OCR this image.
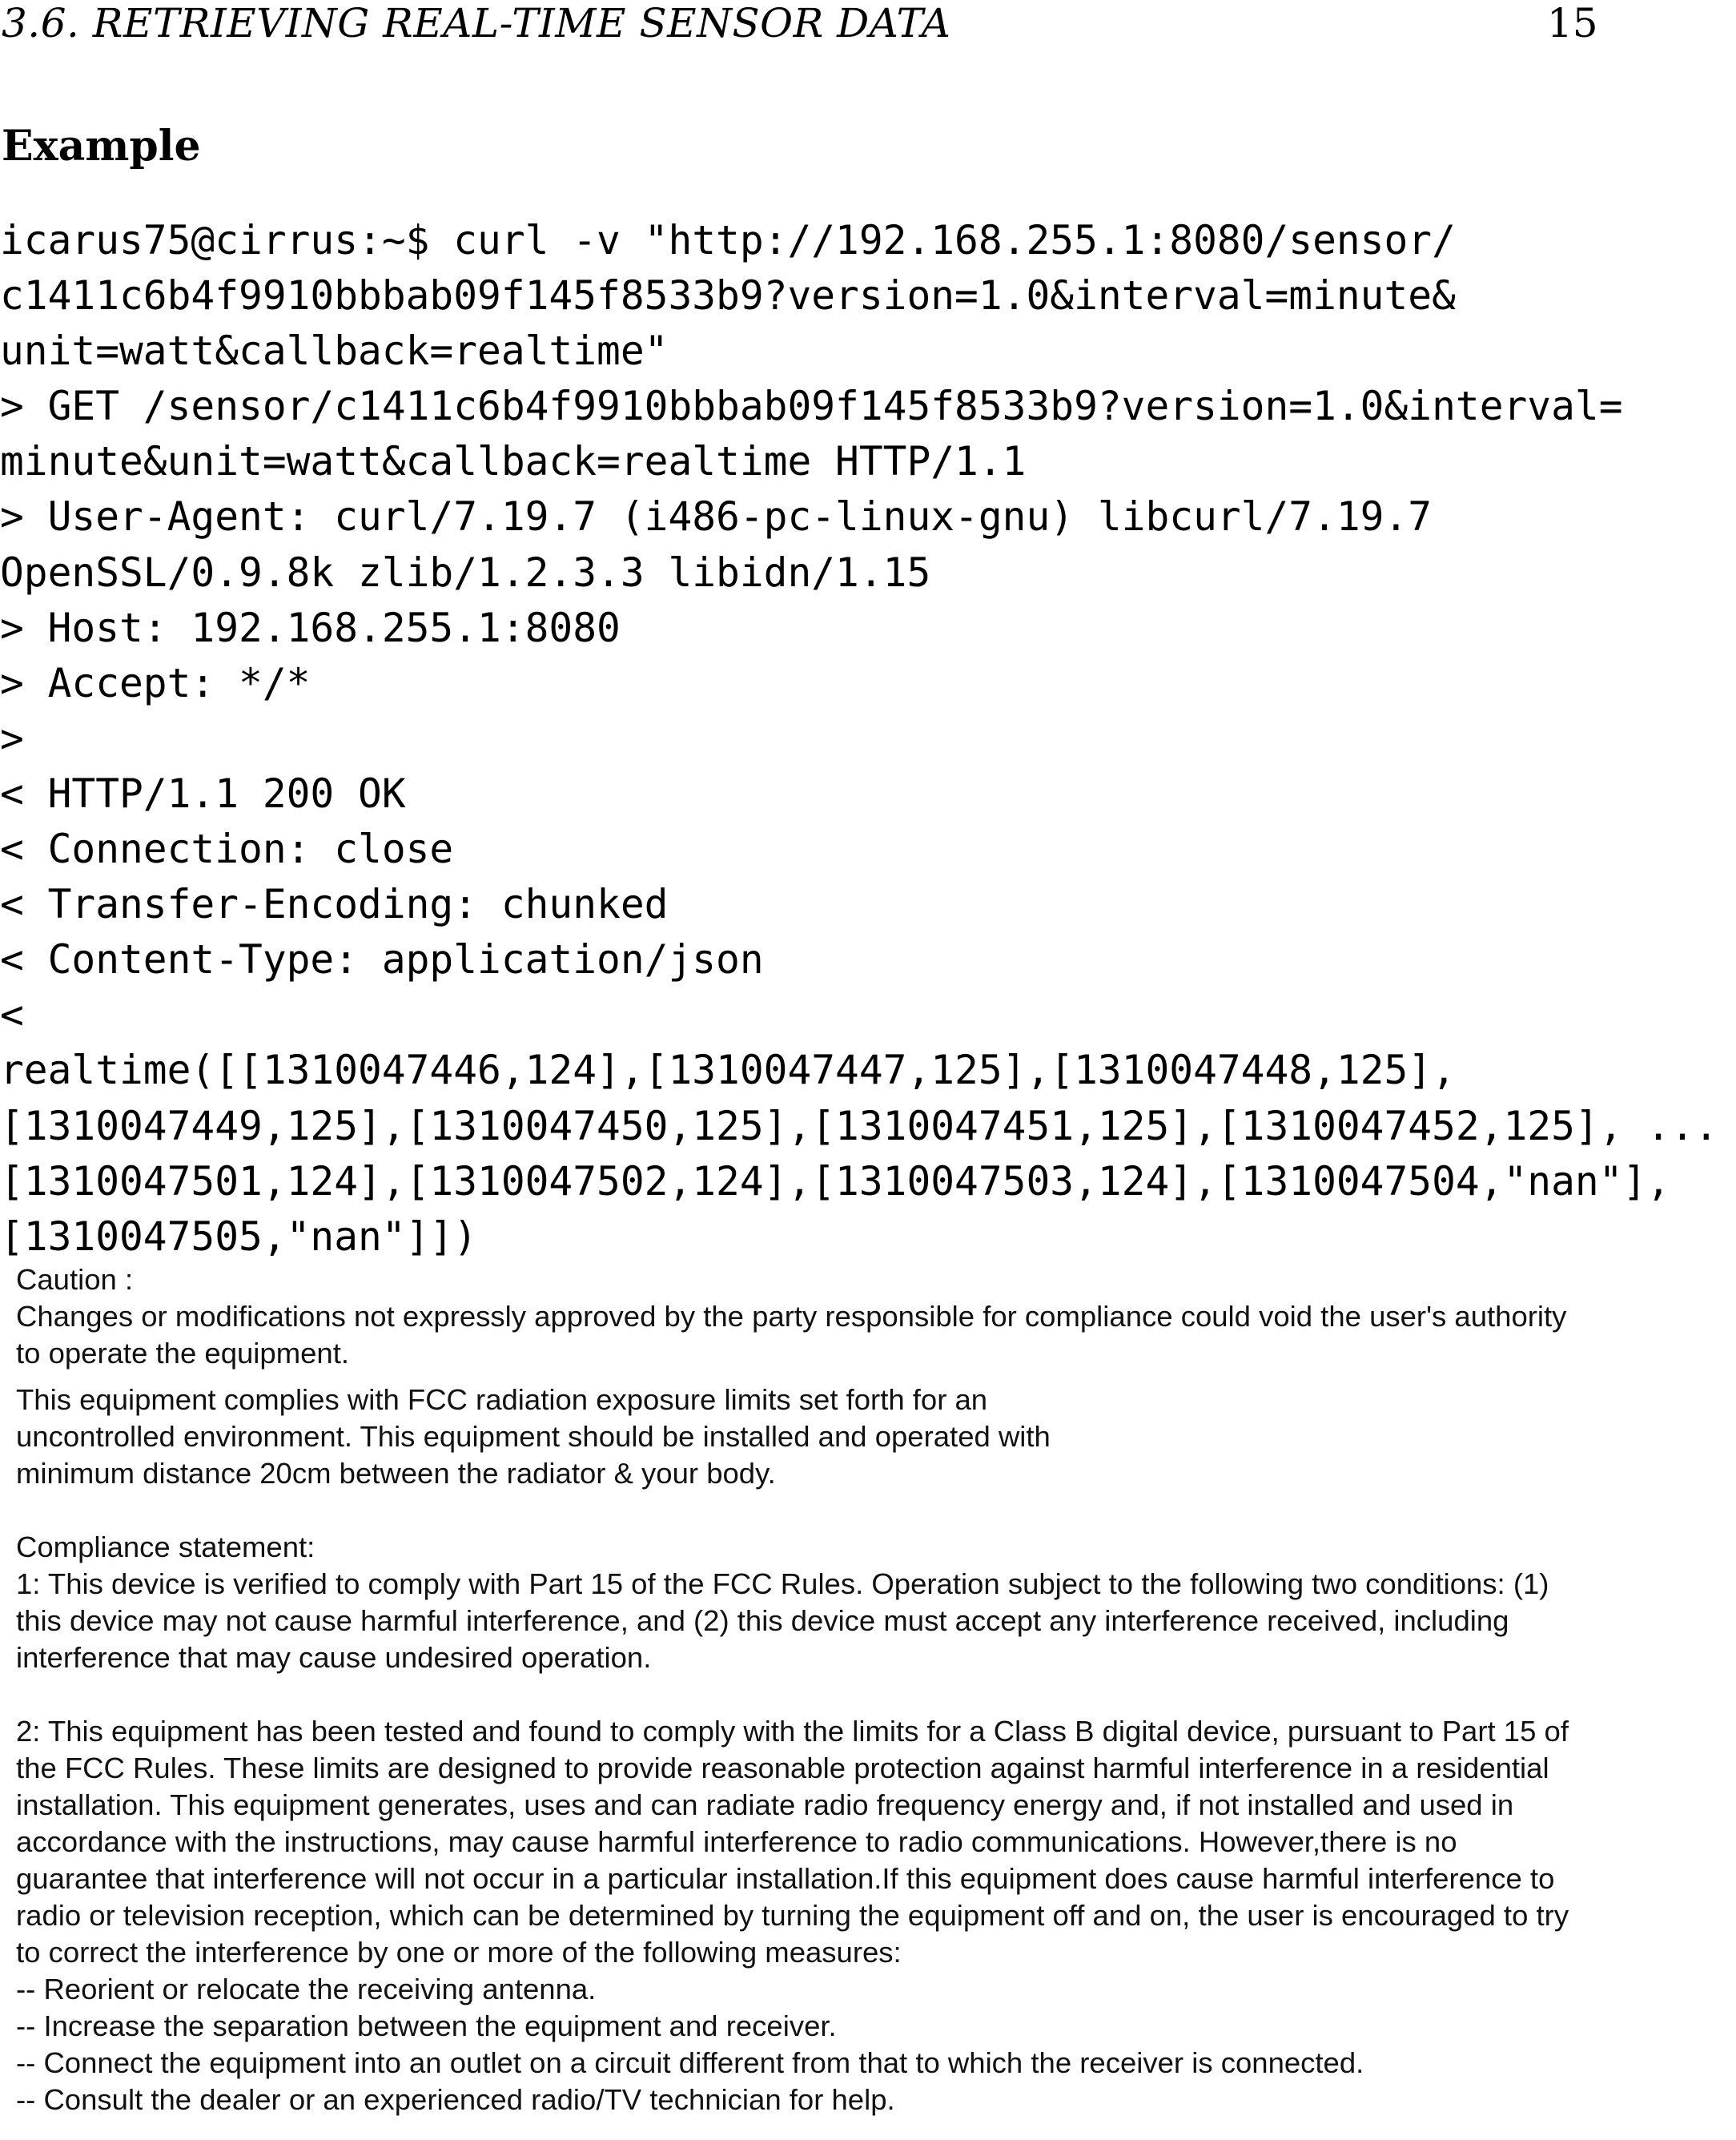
3.6. RETRIEVING REAL-TIME SENSOR DATA	15
Example
icarus75@cirrus:~$ curl -v "http://192.168.255.1:8080/sensor/
c1411c6b4f9910bbbab09f145f8533b9?version=1.0&interval=minute&
unit=watt&callback=realtime"
> GET /sensor/c1411c6b4f9910bbbab09f145f8533b9?version=1.0&interval=
minute&unit=watt&callback=realtime HTTP/1.1
> User-Agent: curl/7.19.7 (i486-pc-linux-gnu) libcurl/7.19.7
OpenSSL/0.9.8k zlib/1.2.3.3 libidn/1.15
> Host: 192.168.255.1:8080
> Accept: */*
>
< HTTP/1.1 200 OK
< Connection: close
< Transfer-Encoding: chunked
< Content-Type: application/json
<
realtime([[1310047446,124],[1310047447,125],[1310047448,125],
[1310047449,125],[1310047450,125],[1310047451,125],[1310047452,125], ...
[1310047501,124],[1310047502,124],[1310047503,124],[1310047504,"nan"],
[1310047505,"nan"]])

Caution :

Changes or modifications not expressly approved by the party responsible for compliance could void the user's authority

to operate the equipment.

This equipment complies with FCC radiation exposure limits set forth for an

uncontrolled environment. This equipment should be installed and operated with

minimum distance 20cm between the radiator & your body.

Compliance statement:

1: This device is verified to comply with Part 15 of the FCC Rules. Operation subject to the following two conditions: (1)

this device may not cause harmful interference, and (2) this device must accept any interference received, including

interference that may cause undesired operation.

2: This equipment has been tested and found to comply with the limits for a Class B digital device, pursuant to Part 15 of

the FCC Rules. These limits are designed to provide reasonable protection against harmful interference in a residential

installation. This equipment generates, uses and can radiate radio frequency energy and, if not installed and used in

accordance with the instructions, may cause harmful interference to radio communications. However,there is no

guarantee that interference will not occur in a particular installation.If this equipment does cause harmful interference to

radio or television reception, which can be determined by turning the equipment off and on, the user is encouraged to try

to correct the interference by one or more of the following measures:

-- Reorient or relocate the receiving antenna.

-- Increase the separation between the equipment and receiver.

-- Connect the equipment into an outlet on a circuit different from that to which the receiver is connected.

-- Consult the dealer or an experienced radio/TV technician for help.
